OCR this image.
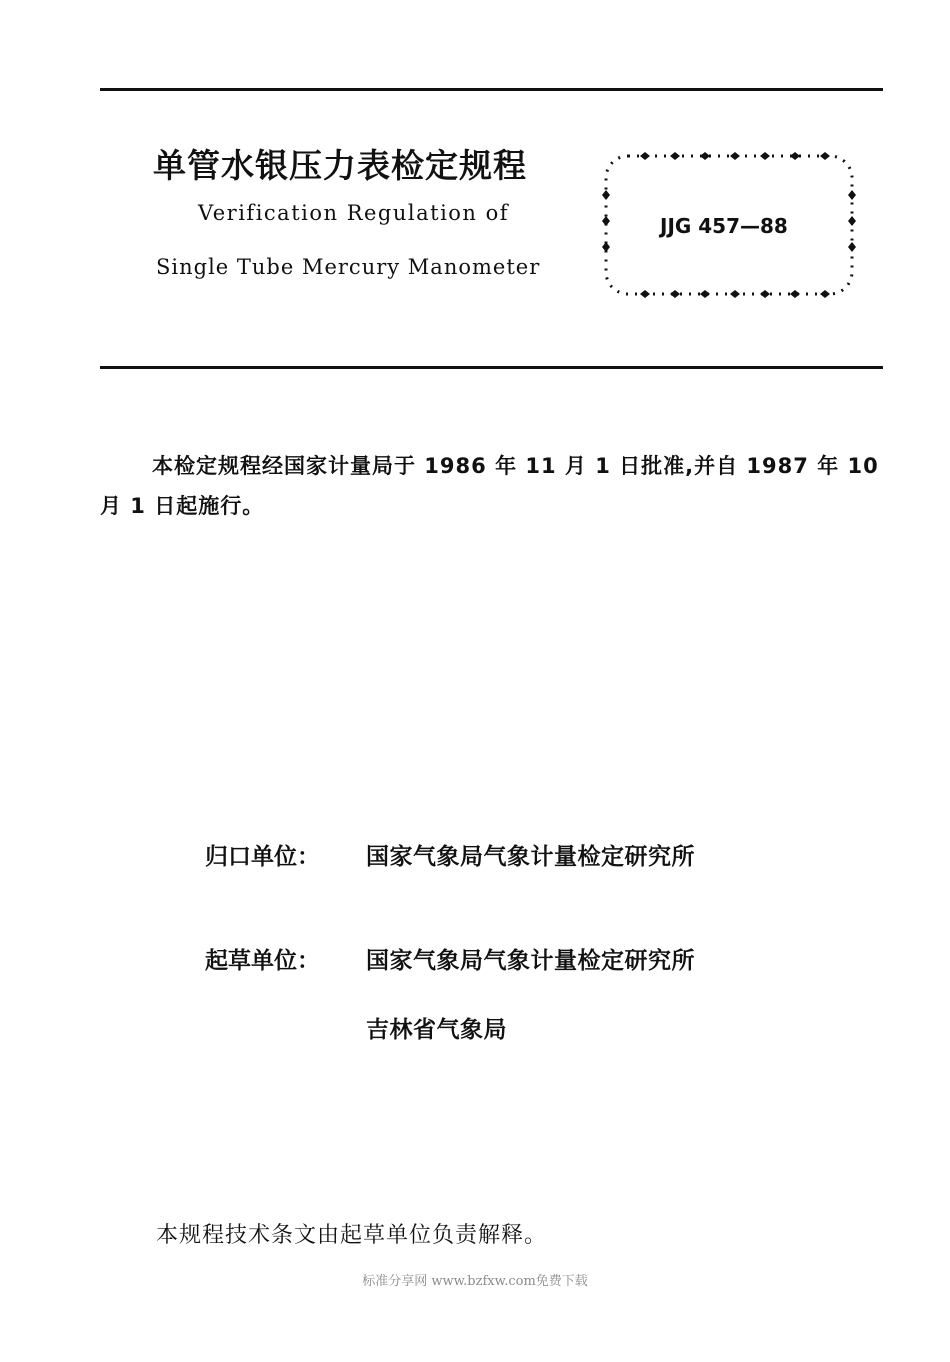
单管水银压力表检定规程
Verification Regulation of
Single Tube Mercury Manometer
JJG 457—88
本检定规程经国家计量局于 1986 年 11 月 1 日批准,并自 1987 年 10 月 1 日起施行。
归口单位： 国家气象局气象计量检定研究所
起草单位： 国家气象局气象计量检定研究所
吉林省气象局
本规程技术条文由起草单位负责解释。
标准分享网 www.bzfxw.com免费下载
